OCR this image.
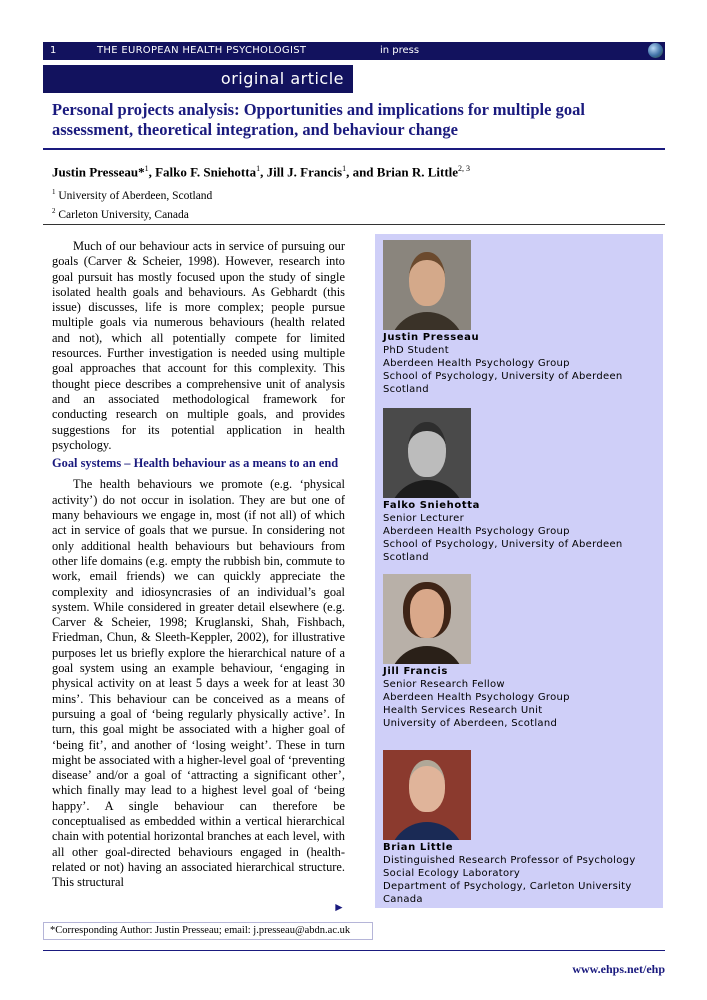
1	THE EUROPEAN HEALTH PSYCHOLOGIST	in press
original article
Personal projects analysis: Opportunities and implications for multiple goal assessment, theoretical integration, and behaviour change
Justin Presseau*$^1$, Falko F. Sniehotta$^1$, Jill J. Francis$^1$, and Brian R. Little$^{2, 3}$
$^1$ University of Aberdeen, Scotland
$^2$ Carleton University, Canada

Much of our behaviour acts in service of pursuing our goals (Carver & Scheier, 1998). However, research into goal pursuit has mostly focused upon the study of single isolated health goals and behaviours. As Gebhardt (this issue) discusses, life is more complex; people pursue multiple goals via numerous behaviours (health related and not), which all potentially compete for limited resources. Further investigation is needed using multiple goal approaches that account for this complexity. This thought piece describes a comprehensive unit of analysis and an associated methodological framework for conducting research on multiple goals, and provides suggestions for its potential application in health psychology.

Goal systems – Health behaviour as a means to an end

The health behaviours we promote (e.g. ‘physical activity’) do not occur in isolation. They are but one of many behaviours we engage in, most (if not all) of which act in service of goals that we pursue. In considering not only additional health behaviours but behaviours from other life domains (e.g. empty the rubbish bin, commute to work, email friends) we can quickly appreciate the complexity and idiosyncrasies of an individual’s goal system. While considered in greater detail elsewhere (e.g. Carver & Scheier, 1998; Kruglanski, Shah, Fishbach, Friedman, Chun, & Sleeth-Keppler, 2002), for illustrative purposes let us briefly explore the hierarchical nature of a goal system using an example behaviour, ‘engaging in physical activity on at least 5 days a week for at least 30 mins’. This behaviour can be conceived as a means of pursuing a goal of ‘being regularly physically active’. In turn, this goal might be associated with a higher goal of ‘being fit’, and another of ‘losing weight’. These in turn might be associated with a higher-level goal of ‘preventing disease’ and/or a goal of ‘attracting a significant other’, which finally may lead to a highest level goal of ‘being happy’. A single behaviour can therefore be conceptualised as embedded within a vertical hierarchical chain with potential horizontal branches at each level, with all other goal-directed behaviours engaged in (health-related or not) having an associated hierarchical structure. This structural

►
*Corresponding Author: Justin Presseau; email: j.presseau@abdn.ac.uk
Justin Presseau
PhD Student
Aberdeen Health Psychology Group
School of Psychology, University of Aberdeen
Scotland
Falko Sniehotta
Senior Lecturer
Aberdeen Health Psychology Group
School of Psychology, University of Aberdeen
Scotland
Jill Francis
Senior Research Fellow
Aberdeen Health Psychology Group
Health Services Research Unit
University of Aberdeen, Scotland
Brian Little
Distinguished Research Professor of Psychology
Social Ecology Laboratory
Department of Psychology, Carleton University
Canada
www.ehps.net/ehp
